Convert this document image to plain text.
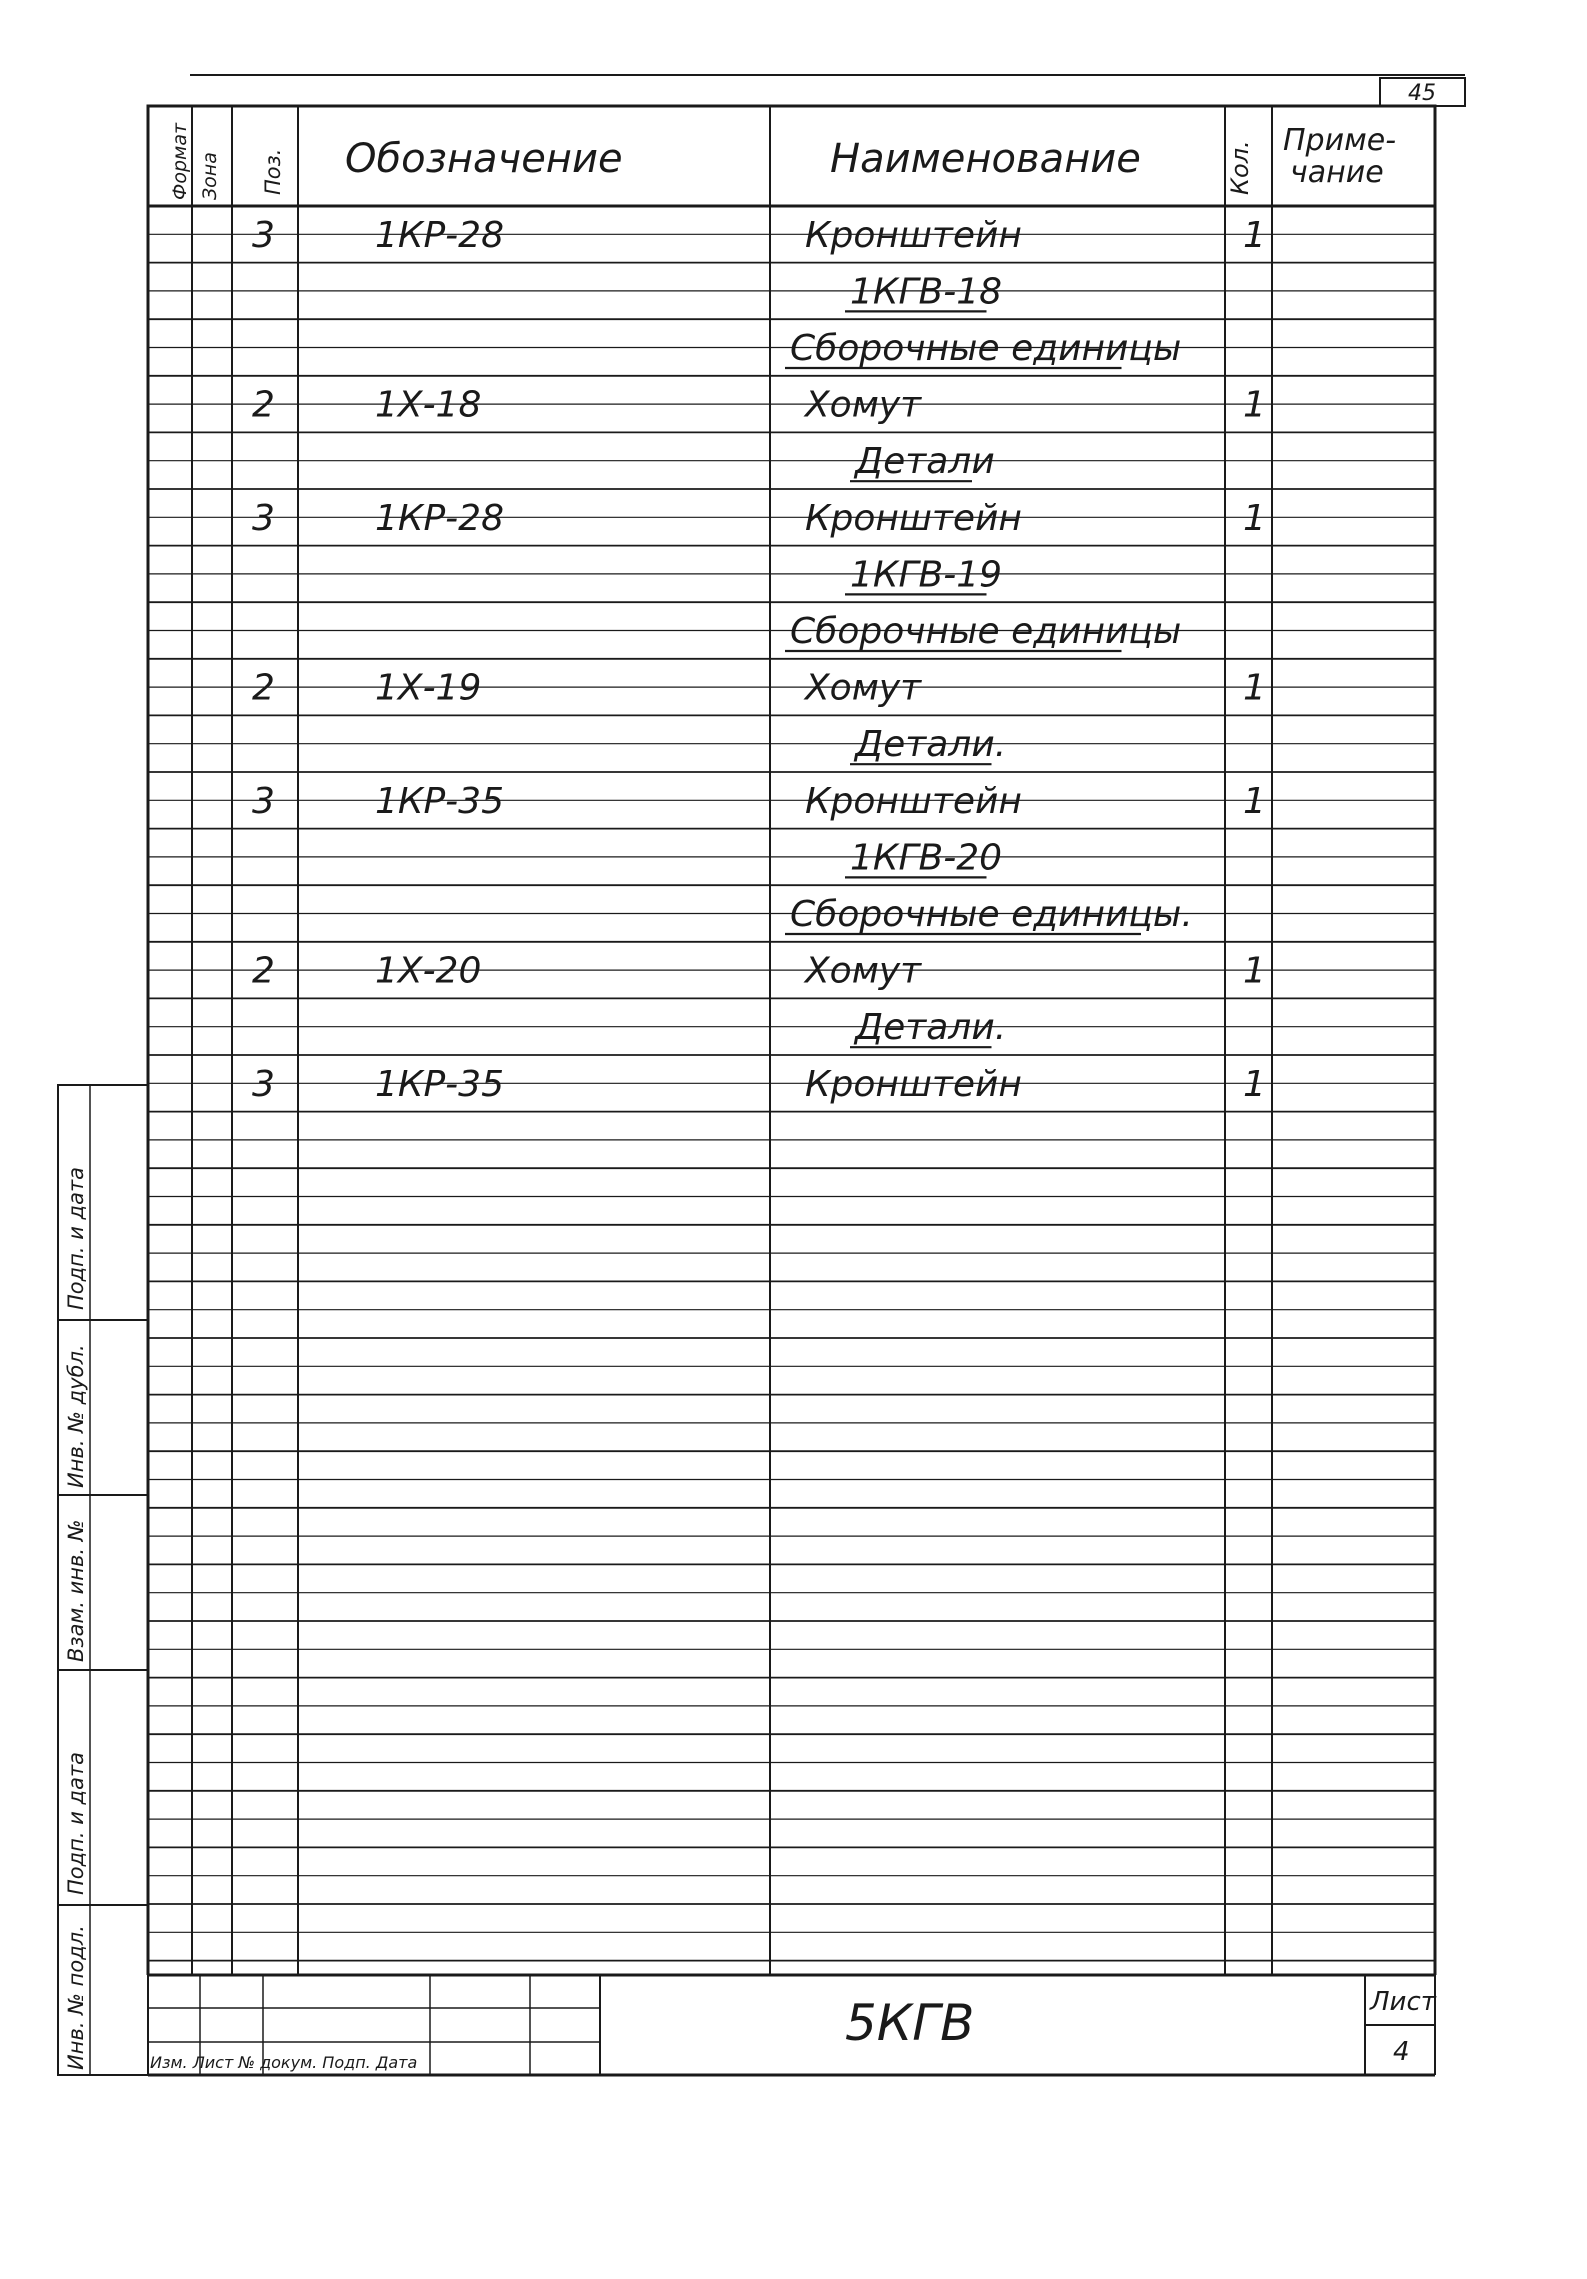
45
Формат Зона Поз. Обозначение	Наименование	Кол. Приме-
чание
3	1КР-28	Кронштейн	1
1КГВ-18
Сборочные единицы
2	1Х-18	Хомут	1
Детали
3	1КР-28	Кронштейн	1
1КГВ-19
Сборочные единицы
2	1Х-19	Хомут	1
Детали.
3	1КР-35	Кронштейн	1
1КГВ-20
Сборочные единицы.
2	1Х-20	Хомут	1
Детали.
3	1КР-35	Кронштейн	1
Подп. и дата
Инв. № дубл.
Взам. инв. №
Подп. и дата
Инв. № подл.	5КГВ	Лист
4
Изм. Лист № докум. Подп. Дата
